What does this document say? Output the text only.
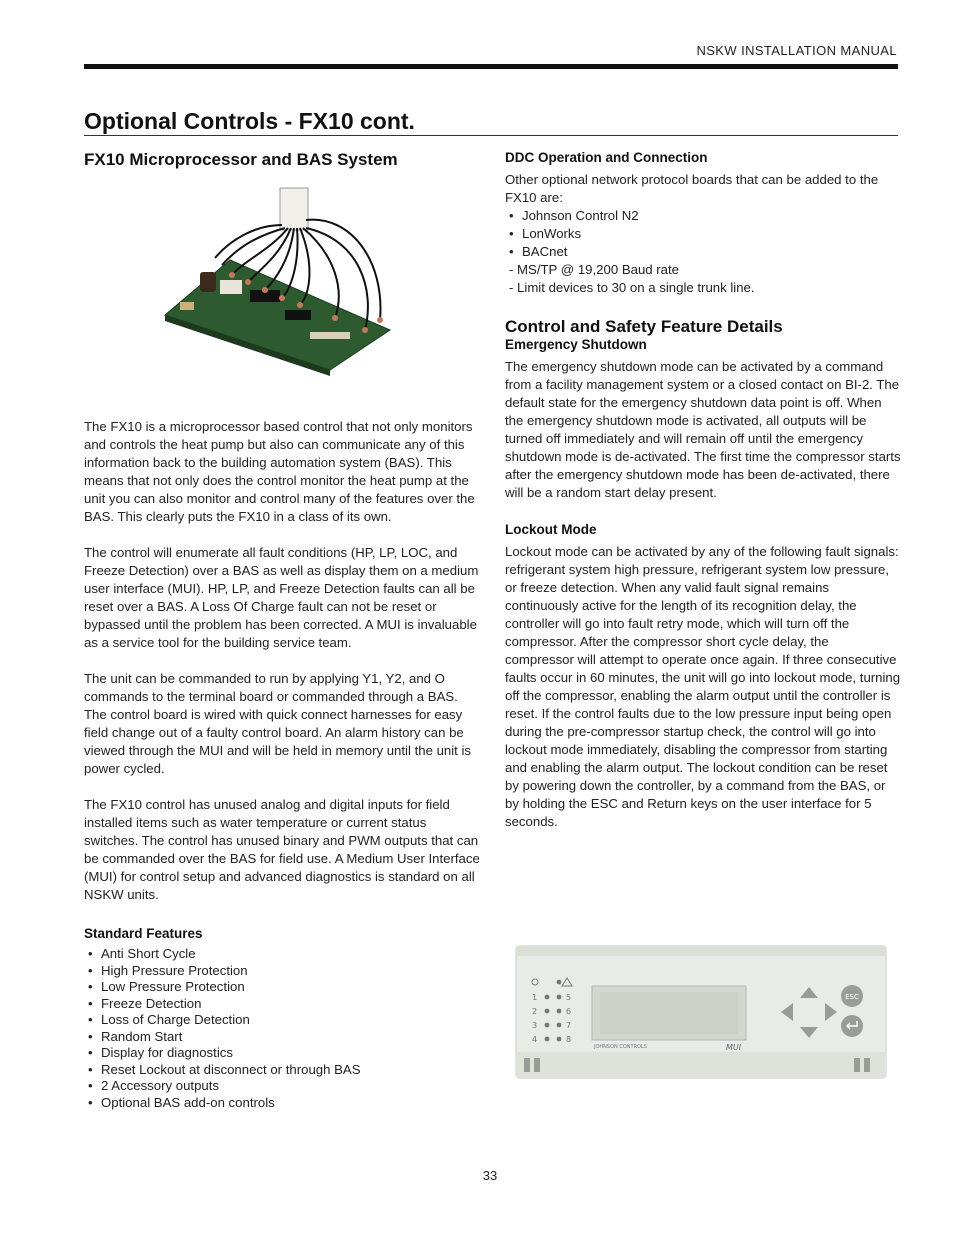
NSKW INSTALLATION MANUAL
Optional Controls - FX10 cont.
FX10 Microprocessor and BAS System

The FX10 is a microprocessor based control that not only monitors and controls the heat pump but also can communicate any of this information back to the building automation system (BAS). This means that not only does the control monitor the heat pump at the unit you can also monitor and control many of the features over the BAS. This clearly puts the FX10 in a class of its own.

The control will enumerate all fault conditions (HP, LP, LOC, and Freeze Detection) over a BAS as well as display them on a medium user interface (MUI). HP, LP, and Freeze Detection faults can all be reset over a BAS. A Loss Of Charge fault can not be reset or bypassed until the problem has been corrected. A MUI is invaluable as a service tool for the building service team.

The unit can be commanded to run by applying Y1, Y2, and O commands to the terminal board or commanded through a BAS. The control board is wired with quick connect harnesses for easy field change out of a faulty control board. An alarm history can be viewed through the MUI and will be held in memory until the unit is power cycled.

The FX10 control has unused analog and digital inputs for field installed items such as water temperature or current status switches. The control has unused binary and PWM outputs that can be commanded over the BAS for field use. A Medium User Interface (MUI) for control setup and advanced diagnostics is standard on all NSKW units.

Standard Features
• Anti Short Cycle
• High Pressure Protection
• Low Pressure Protection
• Freeze Detection
• Loss of Charge Detection
• Random Start
• Display for diagnostics
• Reset Lockout at disconnect or through BAS
• 2 Accessory outputs
• Optional BAS add-on controls
DDC Operation and Connection

Other optional network protocol boards that can be added to the FX10 are:

• Johnson Control N2
• LonWorks
• BACnet
- MS/TP @ 19,200 Baud rate
- Limit devices to 30 on a single trunk line.
Control and Safety Feature Details
Emergency Shutdown

The emergency shutdown mode can be activated by a command from a facility management system or a closed contact on BI-2. The default state for the emergency shutdown data point is off. When the emergency shutdown mode is activated, all outputs will be turned off immediately and will remain off until the emergency shutdown mode is de-activated. The first time the compressor starts after the emergency shutdown mode has been de-activated, there will be a random start delay present.

Lockout Mode

Lockout mode can be activated by any of the following fault signals: refrigerant system high pressure, refrigerant system low pressure, or freeze detection. When any valid fault signal remains continuously active for the length of its recognition delay, the controller will go into fault retry mode, which will turn off the compressor. After the compressor short cycle delay, the compressor will attempt to operate once again. If three consecutive faults occur in 60 minutes, the unit will go into lockout mode, turning off the compressor, enabling the alarm output until the controller is reset. If the control faults due to the low pressure input being open during the pre-compressor startup check, the control will go into lockout mode immediately, disabling the compressor from starting and enabling the alarm output. The lockout condition can be reset by powering down the controller, by a command from the BAS, or by holding the ESC and Return keys on the user interface for 5 seconds.

1
2
3
4
5
6
7
8
JOHNSON CONTROLS	MUI
ESC
33
